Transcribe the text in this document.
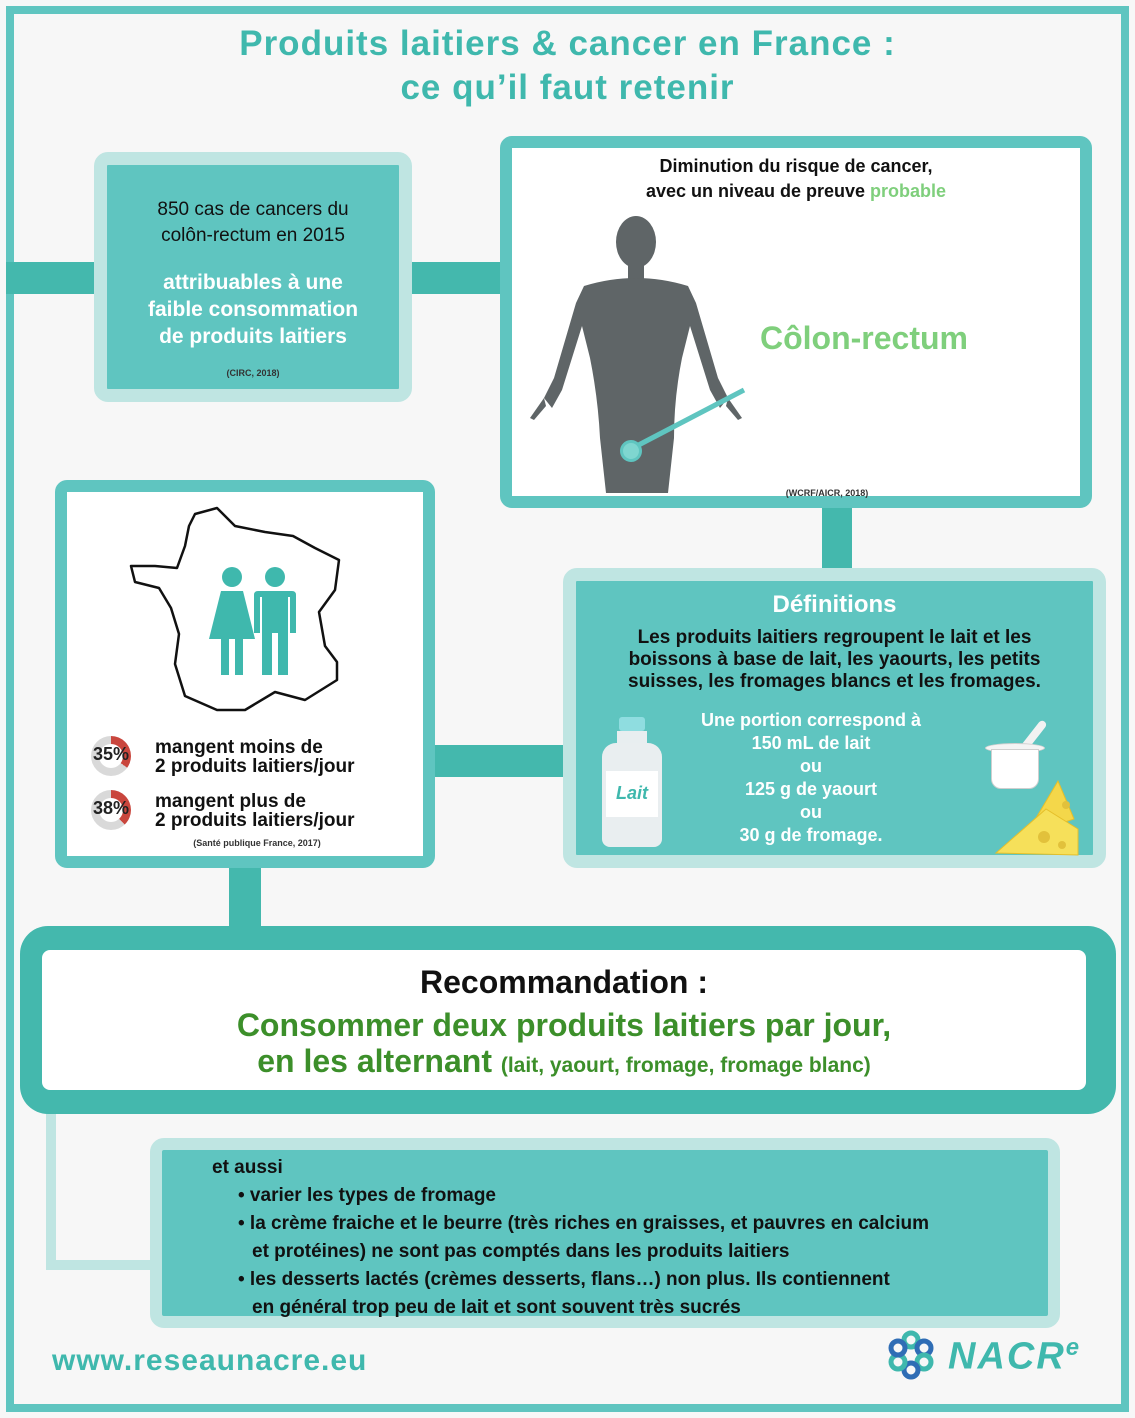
Produits laitiers & cancer en France :
ce qu’il faut retenir
850 cas de cancers du
colôn-rectum en 2015
attribuables à une
faible consommation
de produits laitiers
(CIRC, 2018)
Diminution du risque de cancer,
avec un niveau de preuve probable
Côlon-rectum
(WCRF/AICR, 2018)
35%	mangent moins de
2 produits laitiers/jour
38%	mangent plus de
2 produits laitiers/jour
(Santé publique France, 2017)
Définitions
Les produits laitiers regroupent le lait et les
boissons à base de lait, les yaourts, les petits
suisses, les fromages blancs et les fromages.
Une portion correspond à
150 mL de lait
ou
125 g de yaourt
ou
30 g de fromage.
Lait
Recommandation :
Consommer deux produits laitiers par jour,
en les alternant (lait, yaourt, fromage, fromage blanc)
et aussi
• varier les types de fromage
• la crème fraiche et le beurre (très riches en graisses, et pauvres en calcium
et protéines) ne sont pas comptés dans les produits laitiers
• les desserts lactés (crèmes desserts, flans…) non plus. Ils contiennent
en général trop peu de lait et sont souvent très sucrés
www.reseaunacre.eu	NACR$^e$
